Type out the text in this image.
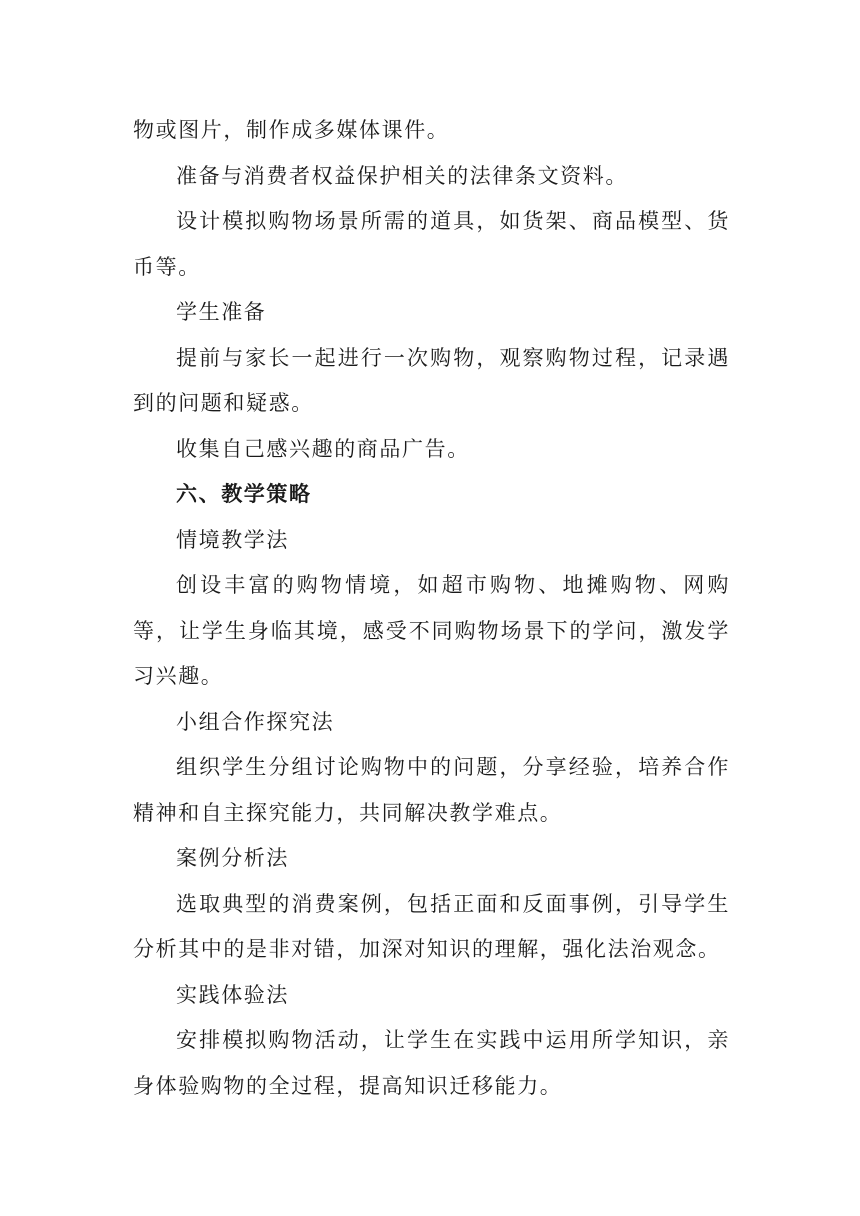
物或图片，制作成多媒体课件。

准备与消费者权益保护相关的法律条文资料。

设计模拟购物场景所需的道具，如货架、商品模型、货币等。

学生准备

提前与家长一起进行一次购物，观察购物过程，记录遇到的问题和疑惑。

收集自己感兴趣的商品广告。

六、教学策略

情境教学法

创设丰富的购物情境，如超市购物、地摊购物、网购等，让学生身临其境，感受不同购物场景下的学问，激发学习兴趣。

小组合作探究法

组织学生分组讨论购物中的问题，分享经验，培养合作精神和自主探究能力，共同解决教学难点。

案例分析法

选取典型的消费案例，包括正面和反面事例，引导学生分析其中的是非对错，加深对知识的理解，强化法治观念。

实践体验法

安排模拟购物活动，让学生在实践中运用所学知识，亲身体验购物的全过程，提高知识迁移能力。
